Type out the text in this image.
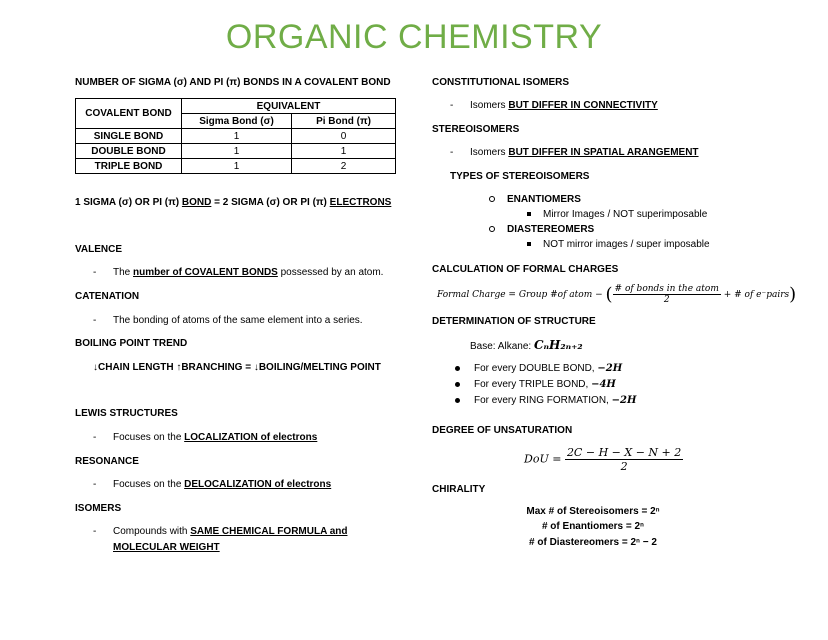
ORGANIC CHEMISTRY
NUMBER OF SIGMA (σ) AND PI (π) BONDS IN A COVALENT BOND
COVALENT BOND	EQUIVALENT	
	Sigma Bond (σ)	Pi Bond (π)
SINGLE BOND	1	0
DOUBLE BOND	1	1
TRIPLE BOND	1	2
1 SIGMA (σ) OR PI (π) BOND = 2 SIGMA (σ) OR PI (π) ELECTRONS
VALENCE
- The number of COVALENT BONDS possessed by an atom.
CATENATION
- The bonding of atoms of the same element into a series.
BOILING POINT TREND
↓CHAIN LENGTH ↑BRANCHING = ↓BOILING/MELTING POINT
LEWIS STRUCTURES
- Focuses on the LOCALIZATION of electrons
RESONANCE
- Focuses on the DELOCALIZATION of electrons
ISOMERS
- Compounds with SAME CHEMICAL FORMULA and
MOLECULAR WEIGHT
CONSTITUTIONAL ISOMERS
- Isomers BUT DIFFER IN CONNECTIVITY
STEREOISOMERS
- Isomers BUT DIFFER IN SPATIAL ARANGEMENT
TYPES OF STEREOISOMERS
ENANTIOMERS
Mirror Images / NOT superimposable
DIASTEREOMERS
NOT mirror images / super imposable
CALCULATION OF FORMAL CHARGES
Formal Charge = Group #of atom − ( $\frac{\text{\# of bonds in the atom}}{2}$ + # of e⁻pairs)
DETERMINATION OF STRUCTURE
Base: Alkane: CₙH₂ₙ₊₂
For every DOUBLE BOND, −2H
For every TRIPLE BOND, −4H
For every RING FORMATION, −2H
DEGREE OF UNSATURATION
DoU = $\frac{2C - H - X - N + 2}{2}$
CHIRALITY
Max # of Stereoisomers = 2ⁿ
# of Enantiomers = 2ⁿ
# of Diastereomers = 2ⁿ − 2
